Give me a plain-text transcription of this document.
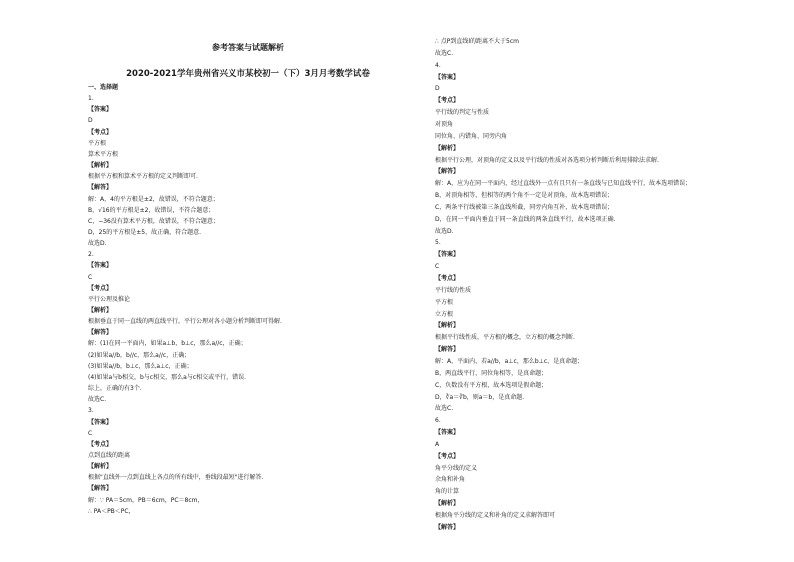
参考答案与试题解析
2020-2021学年贵州省兴义市某校初一（下）3月月考数学试卷
一、选择题
1.
【答案】
D
【考点】
平方根
算术平方根
【解析】
根据平方根和算术平方根的定义判断即可.
【解答】
解：A，4的平方根是±2，故错误，不符合题意；
B，√16的平方根是±2，故错误，不符合题意；
C，−36没有算术平方根，故错误，不符合题意；
D，25的平方根是±5，故正确，符合题意.
故选D.
2.
【答案】
C
【考点】
平行公理及推论
【解析】
根据垂直于同一直线的两直线平行，平行公理对各小题分析判断即可得解.
【解答】
解：(1)在同一平面内，如果a⊥b，b⊥c，那么a//c，正确；
(2)如果a//b，b//c，那么a//c，正确；
(3)如果a//b，b⊥c，那么a⊥c，正确；
(4)如果a与b相交，b与c相交，那么a与c相交或平行，错误.
综上，正确的有3个.
故选C.
3.
【答案】
C
【考点】
点到直线的距离
【解析】
根据"直线外一点到直线上各点的所有线中，垂线段最短"进行解答.
【解答】
解：∵ PA＝5cm，PB＝6cm，PC＝8cm，
∴ PA＜PB＜PC，
∴ 点P到直线l的距离不大于5cm
故选C.
4.
【答案】
D
【考点】
平行线的判定与性质
对顶角
同位角、内错角、同旁内角
【解析】
根据平行公理，对顶角的定义以及平行线的性质对各选项分析判断后利用排除法求解.
【解答】
解：A，应为在同一平面内，经过直线外一点有且只有一条直线与已知直线平行，故本选项错误；
B，对顶角相等，但相等的两个角不一定是对顶角，故本选项错误；
C，两条平行线被第三条直线所截，同旁内角互补，故本选项错误；
D，在同一平面内垂直于同一条直线的两条直线平行，故本选项正确.
故选D.
5.
【答案】
C
【考点】
平行线的性质
平方根
立方根
【解析】
根据平行线性质，平方根的概念，立方根的概念判断.
【解答】
解：A，平面内，若a//b，a⊥c，那么b⊥c，是真命题；
B，两直线平行，同位角相等，是真命题；
C，负数没有平方根，故本选项是假命题；
D，∛a＝∛b，则a＝b，是真命题.
故选C.
6.
【答案】
A
【考点】
角平分线的定义
余角和补角
角的计算
【解析】
根据角平分线的定义和补角的定义求解答即可
【解答】
